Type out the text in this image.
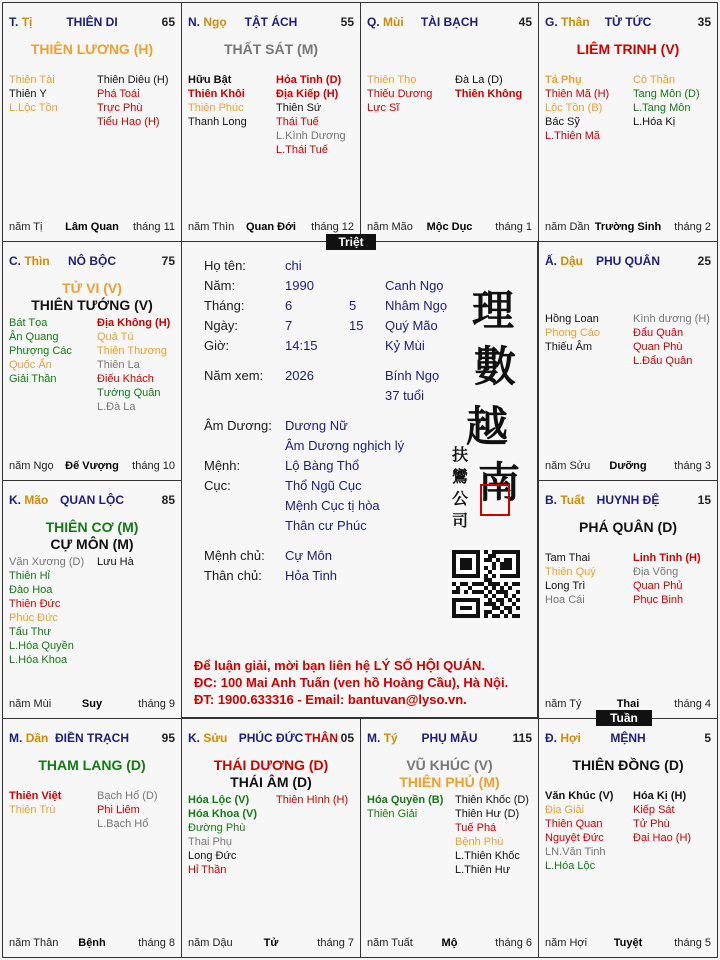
T. Tị	THIÊN DI	65
THIÊN LƯƠNG (H)
Thiên Tài
Thiên Y
L.Lộc Tồn
Thiên Diêu (H)
Phá Toái
Trực Phù
Tiểu Hao (H)
năm Tị	Lâm Quan	tháng 11
N. Ngọ	TẬT ÁCH	55
THẤT SÁT (M)
Hữu Bật
Thiên Khôi
Thiên Phúc
Thanh Long
Hỏa Tinh (D)
Địa Kiếp (H)
Thiên Sứ
Thái Tuế
L.Kình Dương
L.Thái Tuế
năm Thìn	Quan Đới	tháng 12
Q. Mùi	TÀI BẠCH	45
Thiên Thọ
Thiếu Dương
Lực Sĩ
Đà La (D)
Thiên Không
năm Mão	Mộc Dục	tháng 1
G. Thân	TỬ TỨC	35
LIÊM TRINH (V)
Tả Phụ
Thiên Mã (H)
Lộc Tồn (B)
Bác Sỹ
L.Thiên Mã
Cô Thần
Tang Môn (D)
L.Tang Môn
L.Hóa Kị
năm Dần Trường Sinh	tháng 2
C. Thìn	NÔ BỘC	75
TỬ VI (V)
THIÊN TƯỚNG (V)
Bát Tọa
Ân Quang
Phượng Các
Quốc Ấn
Giải Thần
Địa Không (H)
Quả Tú
Thiên Thương
Thiên La
Điếu Khách
Tướng Quân
L.Đà La
năm Ngọ	Đế Vượng	tháng 10
Ấ. Dậu	PHU QUÂN	25
Hồng Loan
Phong Cáo
Thiếu Âm
Kình dương (H)
Đẩu Quân
Quan Phù
L.Đẩu Quân
năm Sửu	Dưỡng	tháng 3
K. Mão QUAN LỘC	85
THIÊN CƠ (M)
CỰ MÔN (M)
Văn Xương (D)
Thiên Hỉ
Đào Hoa
Thiên Đức
Phúc Đức
Tấu Thư
L.Hóa Quyền
L.Hóa Khoa
Lưu Hà
năm Mùi	Suy	tháng 9
B. Tuất HUYNH ĐỆ	15
PHÁ QUÂN (D)
Tam Thai
Thiên Quý
Long Trì
Hoa Cái
Linh Tinh (H)
Địa Võng
Quan Phủ
Phục Binh
năm Tý	Thai	tháng 4
M. Dần ĐIỀN TRẠCH	95
THAM LANG (D)
Thiên Việt
Thiên Trù
Bạch Hổ (D)
Phi Liêm
L.Bạch Hổ
năm Thân	Bệnh	tháng 8
K. Sửu PHÚC ĐỨC THÂN 05
THÁI DƯƠNG (D)
THÁI ÂM (D)
Hóa Lộc (V)
Hóa Khoa (V)
Đường Phù
Thai Phụ
Long Đức
Hỉ Thần
Thiên Hình (H)
năm Dậu	Tử	tháng 7
M. Tý	PHỤ MẪU	115
VŨ KHÚC (V)
THIÊN PHỦ (M)
Hóa Quyền (B)
Thiên Giải
Thiên Khốc (D)
Thiên Hư (D)
Tuế Phá
Bệnh Phù
L.Thiên Khốc
L.Thiên Hư
năm Tuất	Mộ	tháng 6
Đ. Hợi	MỆNH	5
THIÊN ĐỒNG (D)
Văn Khúc (V)
Địa Giải
Thiên Quan
Nguyệt Đức
LN.Văn Tinh
L.Hóa Lộc
Hóa Kị (H)
Kiếp Sát
Tử Phù
Đại Hao (H)
năm Hợi	Tuyệt	tháng 5
Họ tên:	chi
Năm:	1990	Canh Ngọ
Tháng:	6	5 Nhâm Ngọ
Ngày:	7	15 Quý Mão
Giờ:	14:15	Kỷ Mùi
Năm xem: 2026	Bính Ngọ
37 tuổi
Âm Dương: Dương Nữ
Âm Dương nghịch lý
Mệnh:	Lộ Bàng Thổ
Cục:	Thổ Ngũ Cục
Mệnh Cục tị hòa
Thân cư Phúc
Mệnh chủ: Cự Môn
Thân chủ: Hỏa Tinh
理
數
越
南
扶
鸞
公
司
Để luận giải, mời bạn liên hệ LÝ SỐ HỘI QUÁN.
ĐC: 100 Mai Anh Tuấn (ven hồ Hoàng Cầu), Hà Nội.
ĐT: 1900.633316 - Email: bantuvan@lyso.vn.
Triệt
Tuần
